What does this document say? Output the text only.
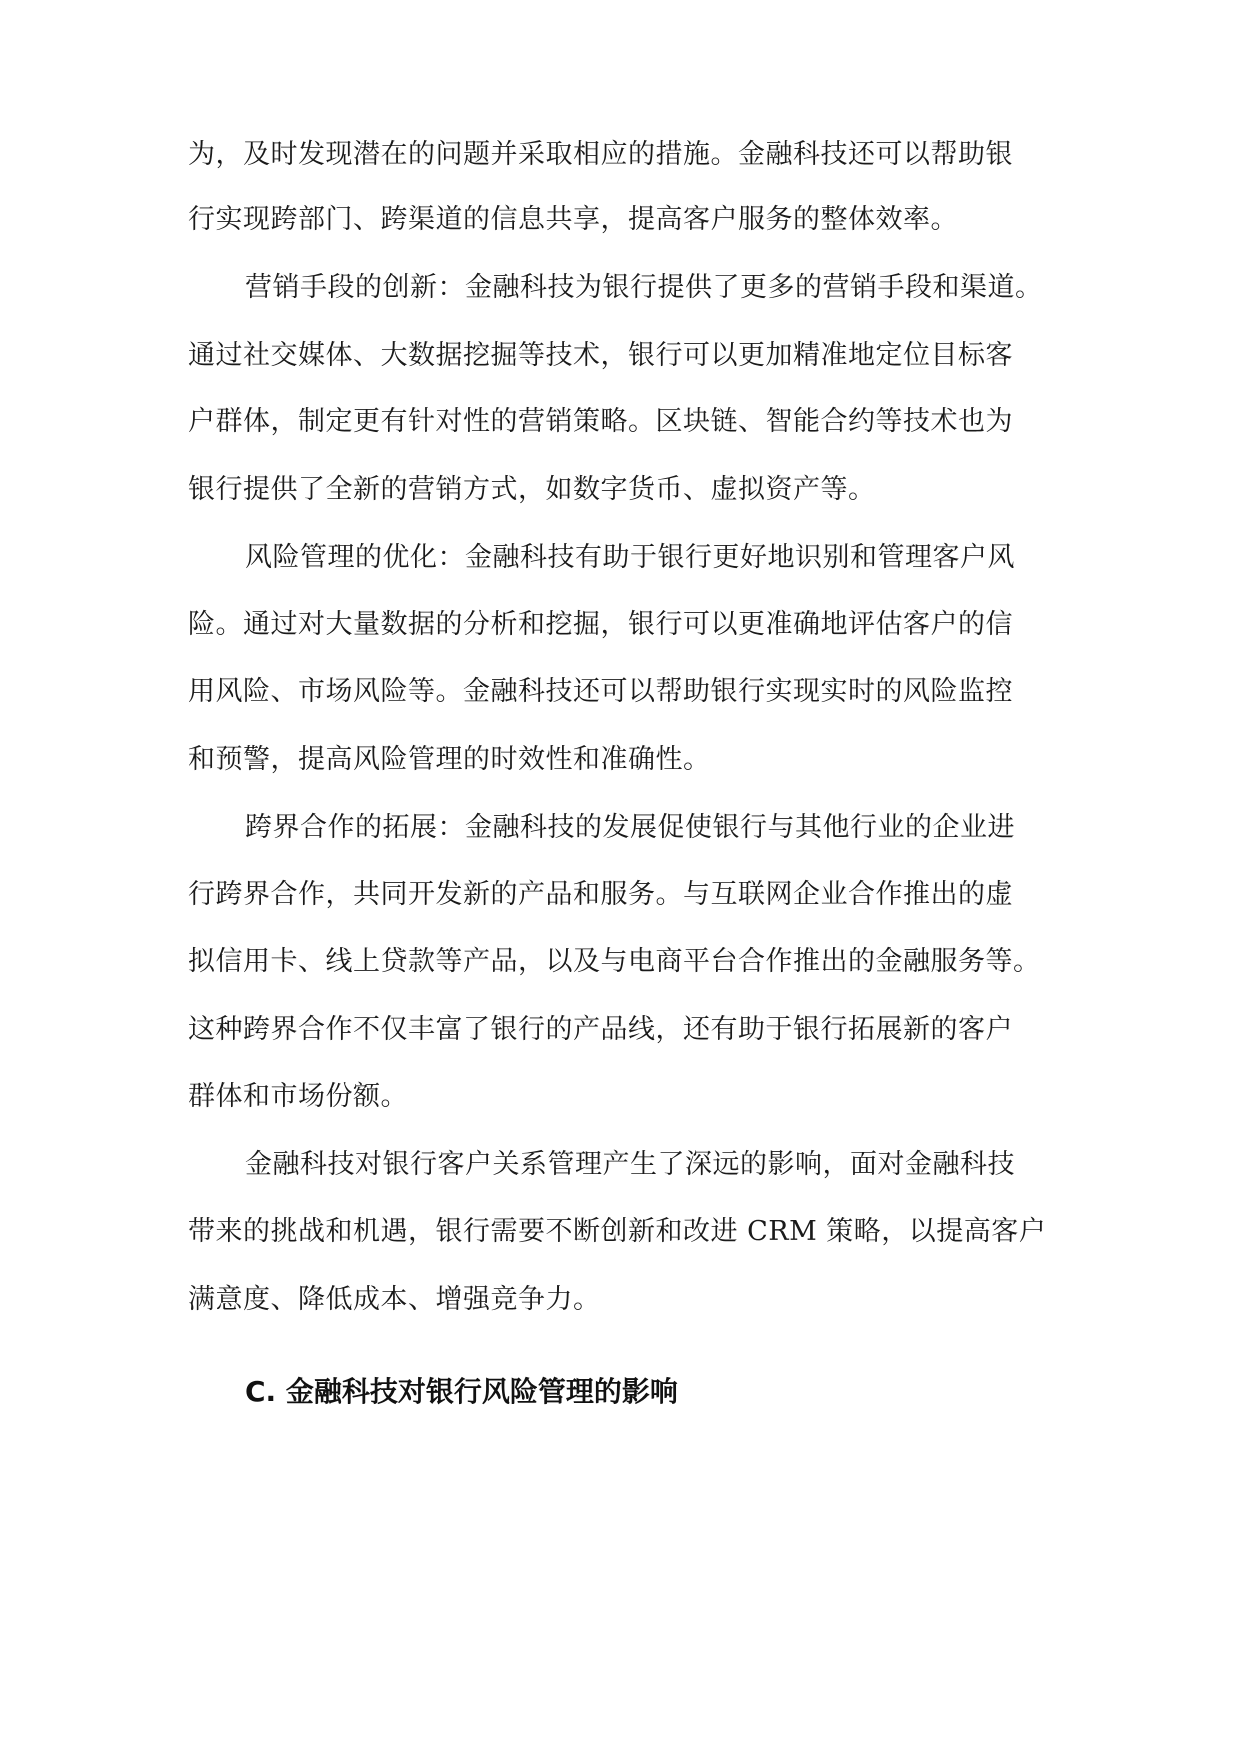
为，及时发现潜在的问题并采取相应的措施。金融科技还可以帮助银
行实现跨部门、跨渠道的信息共享，提高客户服务的整体效率。
营销手段的创新：金融科技为银行提供了更多的营销手段和渠道。
通过社交媒体、大数据挖掘等技术，银行可以更加精准地定位目标客
户群体，制定更有针对性的营销策略。区块链、智能合约等技术也为
银行提供了全新的营销方式，如数字货币、虚拟资产等。
风险管理的优化：金融科技有助于银行更好地识别和管理客户风
险。通过对大量数据的分析和挖掘，银行可以更准确地评估客户的信
用风险、市场风险等。金融科技还可以帮助银行实现实时的风险监控
和预警，提高风险管理的时效性和准确性。
跨界合作的拓展：金融科技的发展促使银行与其他行业的企业进
行跨界合作，共同开发新的产品和服务。与互联网企业合作推出的虚
拟信用卡、线上贷款等产品，以及与电商平台合作推出的金融服务等。
这种跨界合作不仅丰富了银行的产品线，还有助于银行拓展新的客户
群体和市场份额。
金融科技对银行客户关系管理产生了深远的影响，面对金融科技
带来的挑战和机遇，银行需要不断创新和改进 CRM 策略，以提高客户
满意度、降低成本、增强竞争力。
C. 金融科技对银行风险管理的影响
